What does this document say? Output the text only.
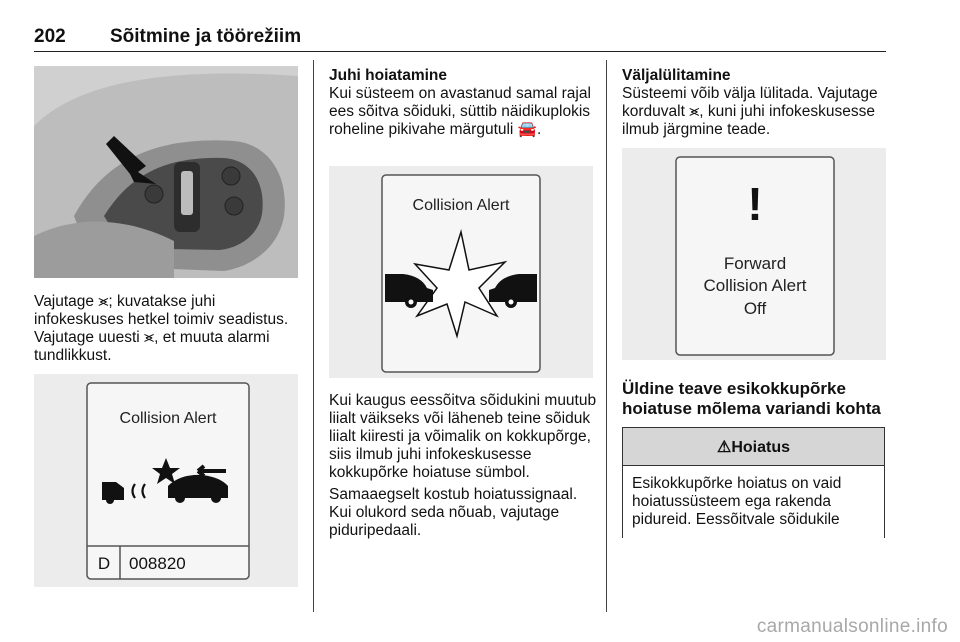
202 Sõitmine ja töörežiim

Vajutage ⪤; kuvatakse juhi infokeskuses hetkel toimiv seadistus. Vajutage uuesti ⪤, et muuta alarmi tundlikkust.

Collision Alert
D 008820
Juhi hoiatamine

Kui süsteem on avastanud samal rajal ees sõitva sõiduki, süttib näidikuplokis roheline pikivahe märgutuli 🚘.

Collision Alert

Kui kaugus eessõitva sõidukini muutub liialt väikseks või läheneb teine sõiduk liialt kiiresti ja võimalik on kokkupõrge, siis ilmub juhi infokeskusesse kokkupõrke hoiatuse sümbol.

Samaaegselt kostub hoiatussignaal. Kui olukord seda nõuab, vajutage piduripedaali.

Väljalülitamine

Süsteemi võib välja lülitada. Vajutage korduvalt ⪤, kuni juhi infokeskusesse ilmub järgmine teade.

!
Forward
Collision Alert
Off
Üldine teave esikokkupõrke
hoiatuse mõlema variandi kohta
⚠Hoiatus
Esikokkupõrke hoiatus on vaid hoiatussüsteem ega rakenda pidureid. Eessõitvale sõidukile
carmanualsonline.info
